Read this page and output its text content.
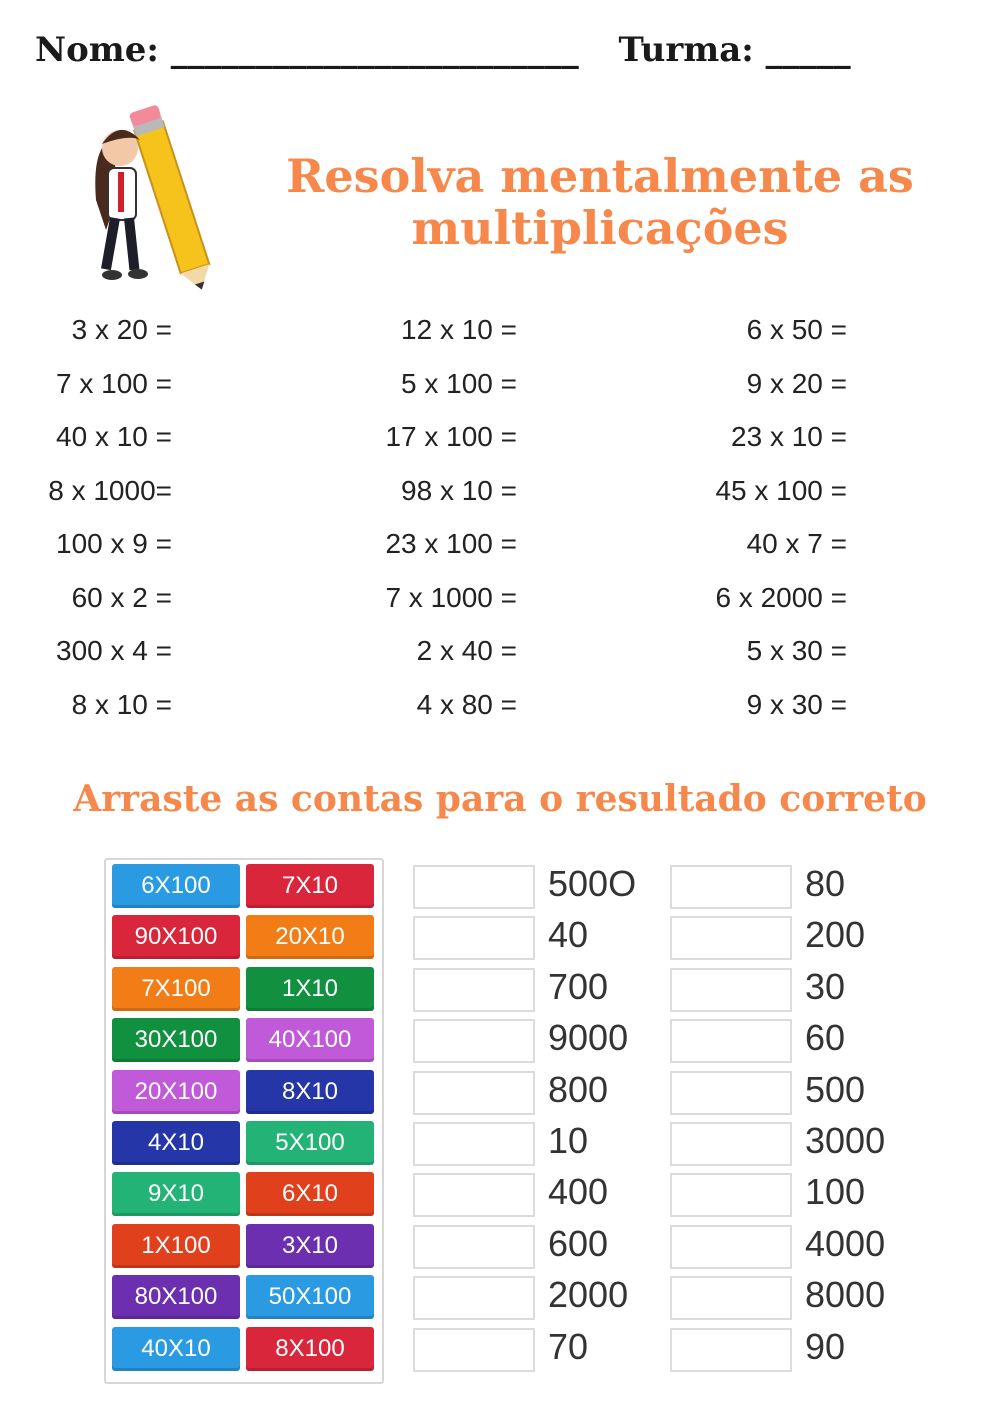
Nome: ________________________ Turma: _____
Resolva mentalmente as
multiplicações
3 x 20 =
7 x 100 =
40 x 10 =
8 x 1000=
100 x 9 =
60 x 2 =
300 x 4 =
8 x 10 =
12 x 10 =
5 x 100 =
17 x 100 =
98 x 10 =
23 x 100 =
7 x 1000 =
2 x 40 =
4 x 80 =
6 x 50 =
9 x 20 =
23 x 10 =
45 x 100 =
40 x 7 =
6 x 2000 =
5 x 30 =
9 x 30 =
Arraste as contas para o resultado correto
6X100	7X10
90X100	20X10
7X100	1X10
30X100	40X100
20X100	8X10
4X10	5X100
9X10	6X10
1X100	3X10
80X100	50X100
40X10	8X100
500O
40
700
9000
800
10
400
600
2000
70
80
200
30
60
500
3000
100
4000
8000
90
